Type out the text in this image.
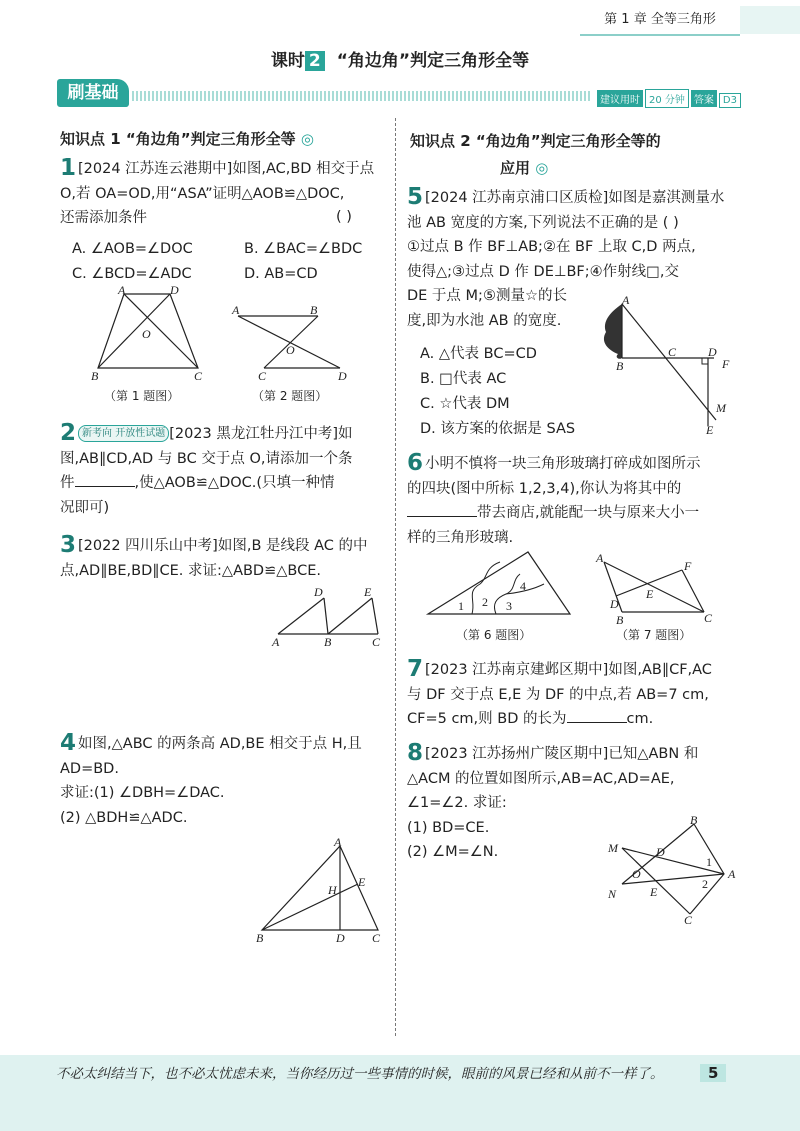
第 1 章 全等三角形
课时 2 “角边角”判定三角形全等
刷基础	建议用时 20 分钟 答案 D3
知识点 1 “角边角”判定三角形全等 ◎
1 [2024 江苏连云港期中]如图,AC,BD 相交于点
O,若 OA=OD,用“ASA”证明△AOB≌△DOC,
还需添加条件	( )
A. ∠AOB=∠DOC	B. ∠BAC=∠BDC
C. ∠BCD=∠ADC	D. AB=CD
A	D
B	C
O
A	B
C	D
O
（第 1 题图）	（第 2 题图）
2 新考向 开放性试题 [2023 黑龙江牡丹江中考]如
图,AB∥CD,AD 与 BC 交于点 O,请添加一个条
件	,使△AOB≌△DOC.(只填一种情
况即可)
3 [2022 四川乐山中考]如图,B 是线段 AC 的中
点,AD∥BE,BD∥CE. 求证:△ABD≌△BCE.
A	B	C
D	E
4 如图,△ABC 的两条高 AD,BE 相交于点 H,且
AD=BD.
求证:(1) ∠DBH=∠DAC.
(2) △BDH≌△ADC.
A
B	C
D
E
H
知识点 2 “角边角”判定三角形全等的
应用 ◎
5 [2024 江苏南京浦口区质检]如图是嘉淇测量水
池 AB 宽度的方案,下列说法不正确的是 ( )
①过点 B 作 BF⊥AB;②在 BF 上取 C,D 两点,
使得△;③过点 D 作 DE⊥BF;④作射线□,交
DE 于点 M;⑤测量☆的长
度,即为水池 AB 的宽度.
A. △代表 BC=CD
B. □代表 AC
C. ☆代表 DM
D. 该方案的依据是 SAS
A
B
C	D
F
M
E
6 小明不慎将一块三角形玻璃打碎成如图所示
的四块(图中所标 1,2,3,4),你认为将其中的
带去商店,就能配一块与原来大小一
样的三角形玻璃.
1 2 3
4
A
F
D
E
B	C
（第 6 题图）	（第 7 题图）
7 [2023 江苏南京建邺区期中]如图,AB∥CF,AC
与 DF 交于点 E,E 为 DF 的中点,若 AB=7 cm,
CF=5 cm,则 BD 的长为	cm.
8 [2023 江苏扬州广陵区期中]已知△ABN 和
△ACM 的位置如图所示,AB=AC,AD=AE,
∠1=∠2. 求证:
(1) BD=CE.
(2) ∠M=∠N.
B
M	D
1
A
O
2
N	E
C
不必太纠结当下，也不必太忧虑未来，当你经历过一些事情的时候，眼前的风景已经和从前不一样了。	5
